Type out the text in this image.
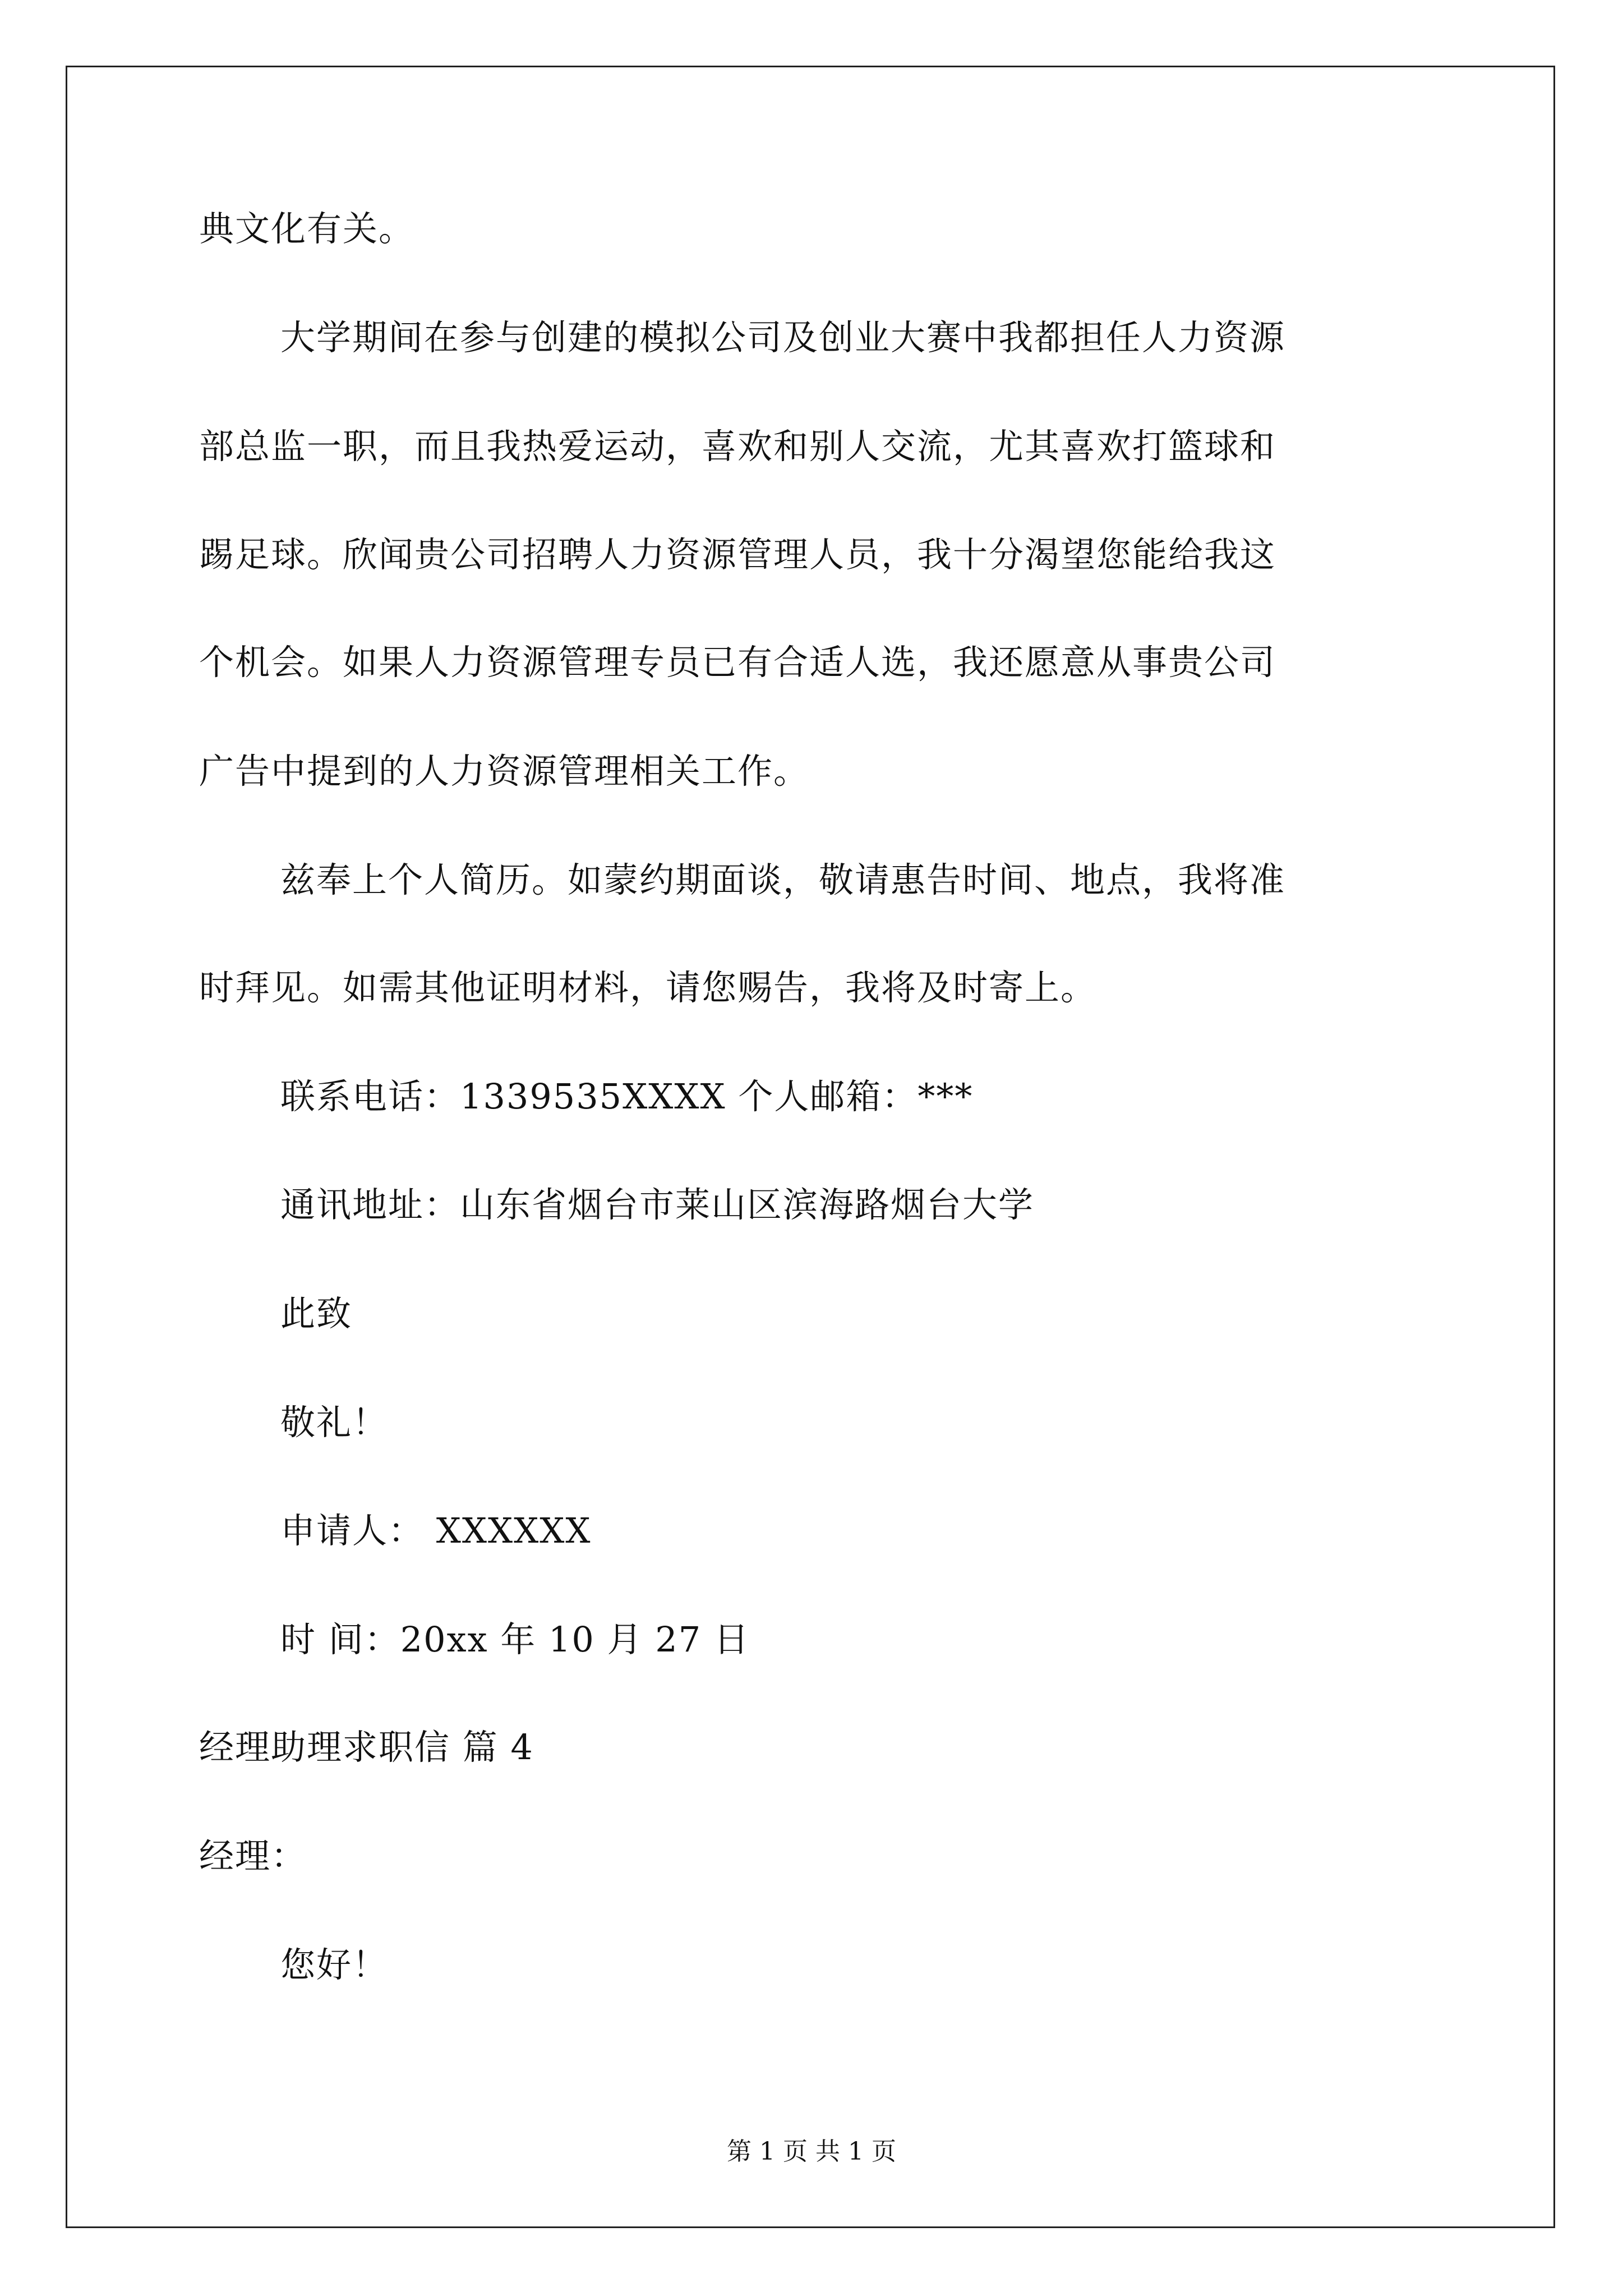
典文化有关。
大学期间在参与创建的模拟公司及创业大赛中我都担任人力资源
部总监一职，而且我热爱运动，喜欢和别人交流，尤其喜欢打篮球和
踢足球。欣闻贵公司招聘人力资源管理人员，我十分渴望您能给我这
个机会。如果人力资源管理专员已有合适人选，我还愿意从事贵公司
广告中提到的人力资源管理相关工作。
兹奉上个人简历。如蒙约期面谈，敬请惠告时间、地点，我将准
时拜见。如需其他证明材料，请您赐告，我将及时寄上。
联系电话：1339535XXXX 个人邮箱：***
通讯地址：山东省烟台市莱山区滨海路烟台大学
此致
敬礼！
申请人： XXXXXX
时 间：20xx 年 10 月 27 日
经理助理求职信 篇 4
经理：
您好！
第 1 页 共 1 页
